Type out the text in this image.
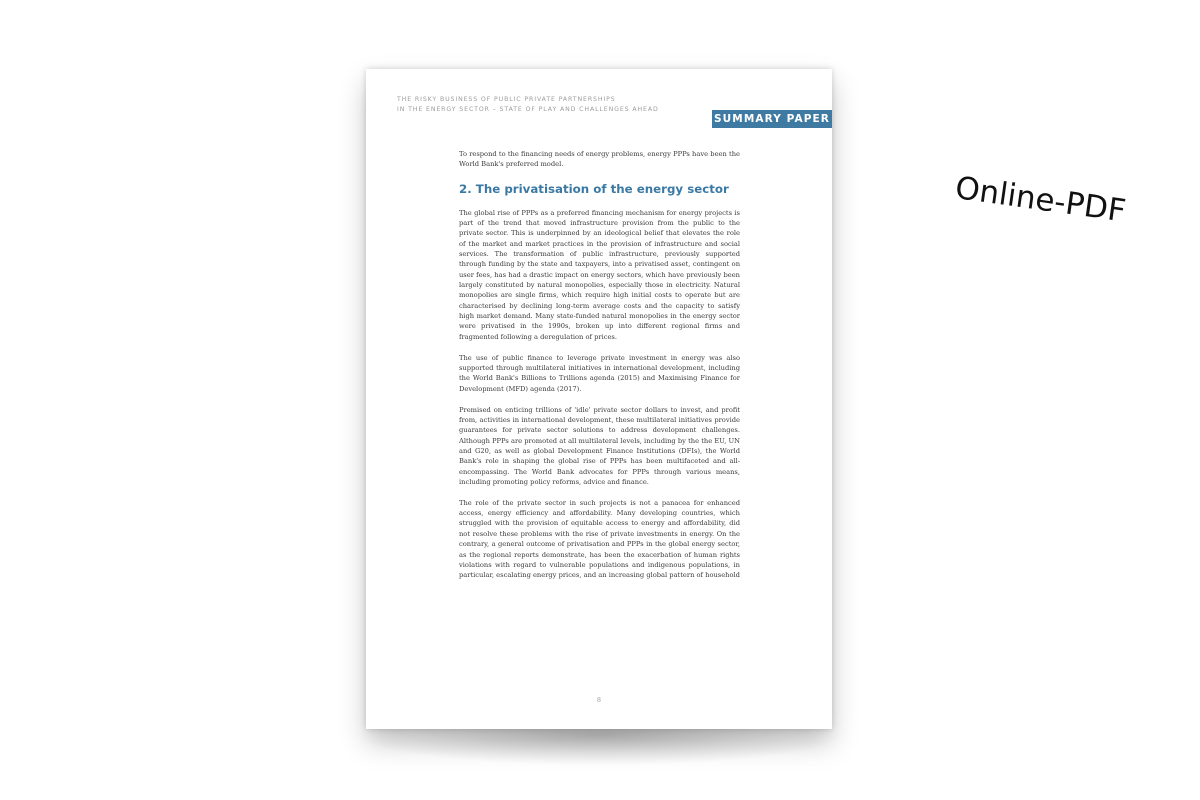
THE RISKY BUSINESS OF PUBLIC PRIVATE PARTNERSHIPS
IN THE ENERGY SECTOR – STATE OF PLAY AND CHALLENGES AHEAD
SUMMARY PAPER

To respond to the financing needs of energy problems, energy PPPs have been the World Bank's preferred model.

2. The privatisation of the energy sector

The global rise of PPPs as a preferred financing mechanism for energy projects is part of the trend that moved infrastructure provision from the public to the private sector. This is underpinned by an ideological belief that elevates the role of the market and market practices in the provision of infrastructure and social services. The transformation of public infrastructure, previously supported through funding by the state and taxpayers, into a privatised asset, contingent on user fees, has had a drastic impact on energy sectors, which have previously been largely constituted by natural monopolies, especially those in electricity. Natural monopolies are single firms, which require high initial costs to operate but are characterised by declining long-term average costs and the capacity to satisfy high market demand. Many state-funded natural monopolies in the energy sector were privatised in the 1990s, broken up into different regional firms and fragmented following a deregulation of prices.

The use of public finance to leverage private investment in energy was also supported through multilateral initiatives in international development, including the World Bank's Billions to Trillions agenda (2015) and Maximising Finance for Development (MFD) agenda (2017).

Premised on enticing trillions of 'idle' private sector dollars to invest, and profit from, activities in international development, these multilateral initiatives provide guarantees for private sector solutions to address development challenges. Although PPPs are promoted at all multilateral levels, including by the the EU, UN and G20, as well as global Development Finance Institutions (DFIs), the World Bank's role in shaping the global rise of PPPs has been multifaceted and all-encompassing. The World Bank advocates for PPPs through various means, including promoting policy reforms, advice and finance.

The role of the private sector in such projects is not a panacea for enhanced access, energy efficiency and affordability. Many developing countries, which struggled with the provision of equitable access to energy and affordability, did not resolve these problems with the rise of private investments in energy. On the contrary, a general outcome of privatisation and PPPs in the global energy sector, as the regional reports demonstrate, has been the exacerbation of human rights violations with regard to vulnerable populations and indigenous populations, in particular, escalating energy prices, and an increasing global pattern of household

8
Online-PDF
